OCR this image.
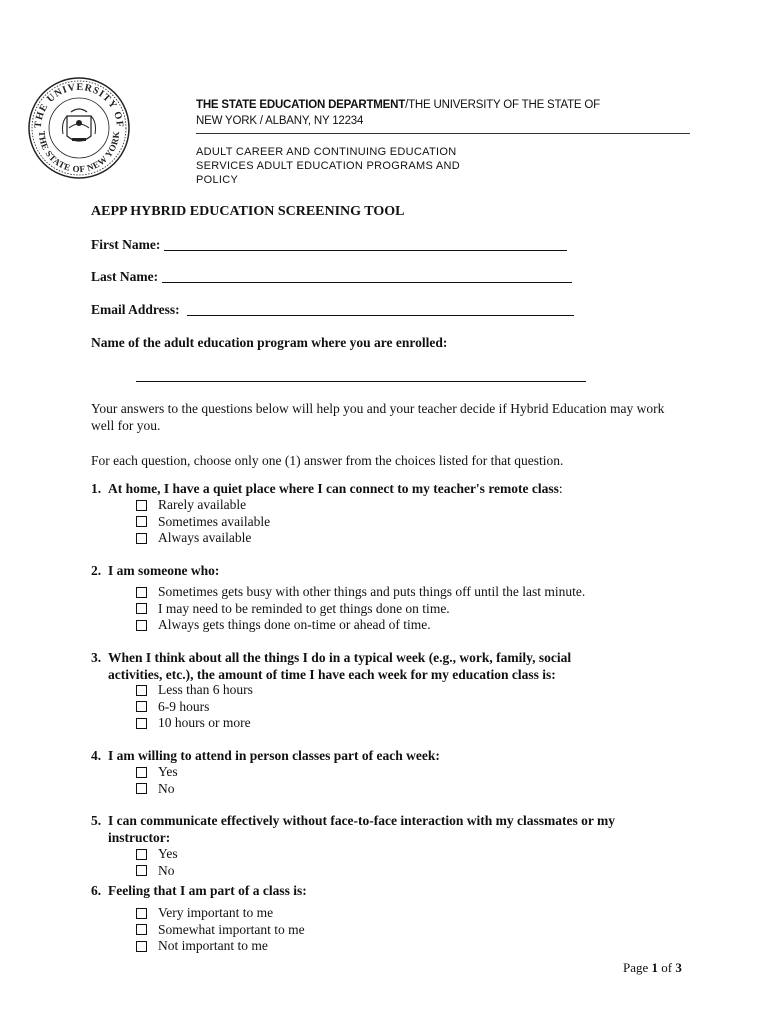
THE UNIVERSITY OF
THE STATE OF NEW YORK
THE STATE EDUCATION DEPARTMENT/THE UNIVERSITY OF THE STATE OF
NEW YORK / ALBANY, NY 12234
ADULT CAREER AND CONTINUING EDUCATION
SERVICES ADULT EDUCATION PROGRAMS AND
POLICY
AEPP HYBRID EDUCATION SCREENING TOOL
First Name:
Last Name:
Email Address:
Name of the adult education program where you are enrolled:
Your answers to the questions below will help you and your teacher decide if Hybrid Education may work well for you.
For each question, choose only one (1) answer from the choices listed for that question.
1. At home, I have a quiet place where I can connect to my teacher's remote class:
Rarely available
Sometimes available
Always available
2. I am someone who:
Sometimes gets busy with other things and puts things off until the last minute.
I may need to be reminded to get things done on time.
Always gets things done on-time or ahead of time.
3. When I think about all the things I do in a typical week (e.g., work, family, social
activities, etc.), the amount of time I have each week for my education class is:
Less than 6 hours
6-9 hours
10 hours or more
4. I am willing to attend in person classes part of each week:
Yes
No
5. I can communicate effectively without face-to-face interaction with my classmates or my
instructor:
Yes
No
6. Feeling that I am part of a class is:
Very important to me
Somewhat important to me
Not important to me
Page 1 of 3
